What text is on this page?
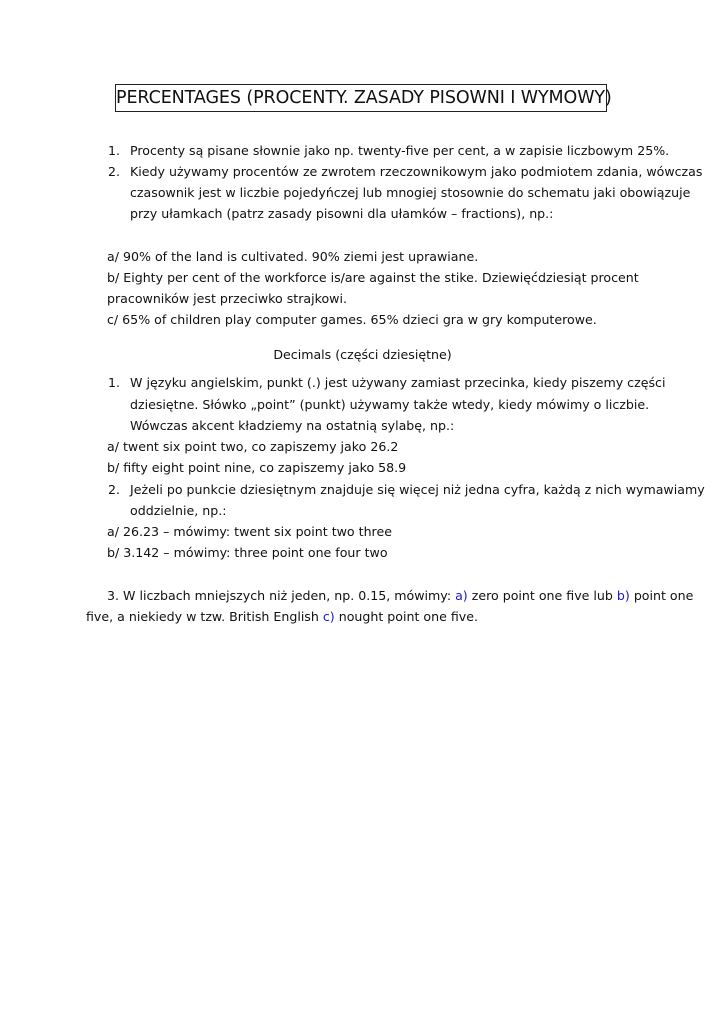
PERCENTAGES (PROCENTY. ZASADY PISOWNI I WYMOWY)
1. Procenty są pisane słownie jako np. twenty-five per cent, a w zapisie liczbowym 25%.
2. Kiedy używamy procentów ze zwrotem rzeczownikowym jako podmiotem zdania, wówczas
czasownik jest w liczbie pojedyńczej lub mnogiej stosownie do schematu jaki obowiązuje
przy ułamkach (patrz zasady pisowni dla ułamków – fractions), np.:
a/ 90% of the land is cultivated. 90% ziemi jest uprawiane.
b/ Eighty per cent of the workforce is/are against the stike. Dziewięćdziesiąt procent
pracowników jest przeciwko strajkowi.
c/ 65% of children play computer games. 65% dzieci gra w gry komputerowe.
Decimals (części dziesiętne)
1. W języku angielskim, punkt (.) jest używany zamiast przecinka, kiedy piszemy części
dziesiętne. Słówko „point” (punkt) używamy także wtedy, kiedy mówimy o liczbie.
Wówczas akcent kładziemy na ostatnią sylabę, np.:
a/ twent six point two, co zapiszemy jako 26.2
b/ fifty eight point nine, co zapiszemy jako 58.9
2. Jeżeli po punkcie dziesiętnym znajduje się więcej niż jedna cyfra, każdą z nich wymawiamy
oddzielnie, np.:
a/ 26.23 – mówimy: twent six point two three
b/ 3.142 – mówimy: three point one four two
3. W liczbach mniejszych niż jeden, np. 0.15, mówimy: a) zero point one five lub b) point one
five, a niekiedy w tzw. British English c) nought point one five.
